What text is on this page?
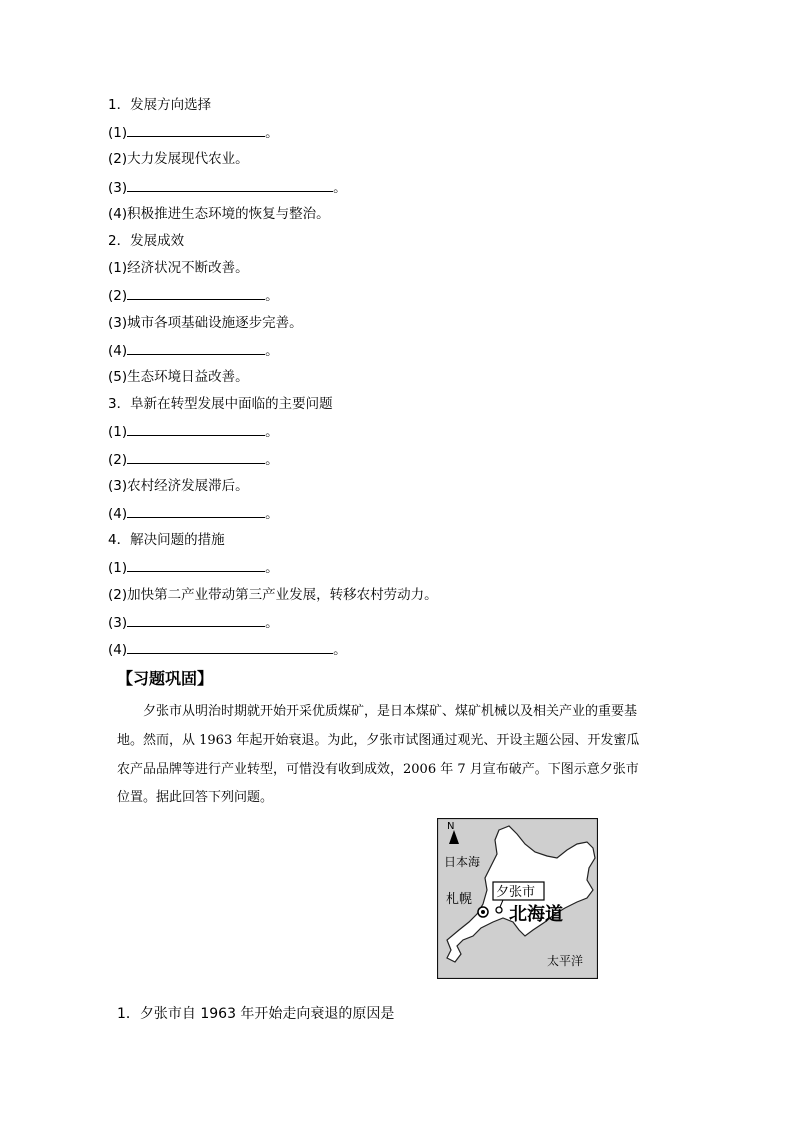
1．发展方向选择
(1)	。
(2)大力发展现代农业。
(3)	。
(4)积极推进生态环境的恢复与整治。
2．发展成效
(1)经济状况不断改善。
(2)	。
(3)城市各项基础设施逐步完善。
(4)	。
(5)生态环境日益改善。
3．阜新在转型发展中面临的主要问题
(1)	。
(2)	。
(3)农村经济发展滞后。
(4)	。
4．解决问题的措施
(1)	。
(2)加快第二产业带动第三产业发展，转移农村劳动力。
(3)	。
(4)	。
【习题巩固】
　　夕张市从明治时期就开始开采优质煤矿，是日本煤矿、煤矿机械以及相关产业的重要基
地。然而，从 1963 年起开始衰退。为此，夕张市试图通过观光、开设主题公园、开发蜜瓜
农产品品牌等进行产业转型，可惜没有收到成效，2006 年 7 月宣布破产。下图示意夕张市
位置。据此回答下列问题。
N
日本海
札幌 夕张市
北海道
太平洋
1．夕张市自 1963 年开始走向衰退的原因是
